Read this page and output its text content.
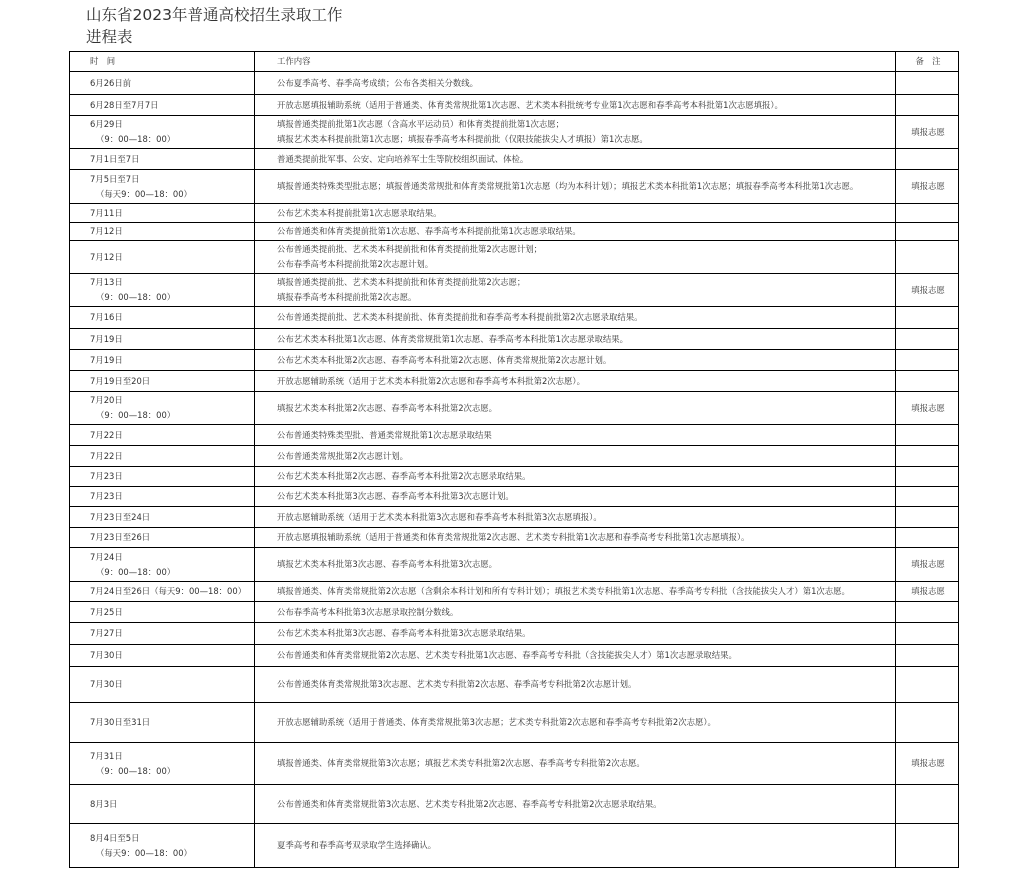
山东省2023年普通高校招生录取工作
进程表
时　间	工作内容	备　注

6月26日前	公布夏季高考、春季高考成绩；公布各类相关分数线。	

6月28日至7月7日	开放志愿填报辅助系统（适用于普通类、体育类常规批第1次志愿、艺术类本科批统考专业第1次志愿和春季高考本科批第1次志愿填报）。	

6月29日
（9：00—18：00）	填报普通类提前批第1次志愿（含高水平运动员）和体育类提前批第1次志愿；
填报艺术类本科提前批第1次志愿；填报春季高考本科提前批（仅限技能拔尖人才填报）第1次志愿。	填报志愿

7月1日至7日	普通类提前批军事、公安、定向培养军士生等院校组织面试、体检。	

7月5日至7日
（每天9：00—18：00）	填报普通类特殊类型批志愿；填报普通类常规批和体育类常规批第1次志愿（均为本科计划）；填报艺术类本科批第1次志愿；填报春季高考本科批第1次志愿。	填报志愿

7月11日	公布艺术类本科提前批第1次志愿录取结果。	

7月12日	公布普通类和体育类提前批第1次志愿、春季高考本科提前批第1次志愿录取结果。	

7月12日	公布普通类提前批、艺术类本科提前批和体育类提前批第2次志愿计划；
公布春季高考本科提前批第2次志愿计划。	

7月13日
（9：00—18：00）	填报普通类提前批、艺术类本科提前批和体育类提前批第2次志愿；
填报春季高考本科提前批第2次志愿。	填报志愿

7月16日	公布普通类提前批、艺术类本科提前批、体育类提前批和春季高考本科提前批第2次志愿录取结果。	

7月19日	公布艺术类本科批第1次志愿、体育类常规批第1次志愿、春季高考本科批第1次志愿录取结果。	

7月19日	公布艺术类本科批第2次志愿、春季高考本科批第2次志愿、体育类常规批第2次志愿计划。	

7月19日至20日	开放志愿辅助系统（适用于艺术类本科批第2次志愿和春季高考本科批第2次志愿）。	

7月20日
（9：00—18：00）	填报艺术类本科批第2次志愿、春季高考本科批第2次志愿。	填报志愿

7月22日	公布普通类特殊类型批、普通类常规批第1次志愿录取结果	

7月22日	公布普通类常规批第2次志愿计划。	

7月23日	公布艺术类本科批第2次志愿、春季高考本科批第2次志愿录取结果。	

7月23日	公布艺术类本科批第3次志愿、春季高考本科批第3次志愿计划。	

7月23日至24日	开放志愿辅助系统（适用于艺术类本科批第3次志愿和春季高考本科批第3次志愿填报）。	

7月23日至26日	开放志愿填报辅助系统（适用于普通类和体育类常规批第2次志愿、艺术类专科批第1次志愿和春季高考专科批第1次志愿填报）。	

7月24日
（9：00—18：00）	填报艺术类本科批第3次志愿、春季高考本科批第3次志愿。	填报志愿

7月24日至26日（每天9：00—18：00）	填报普通类、体育类常规批第2次志愿（含剩余本科计划和所有专科计划）；填报艺术类专科批第1次志愿、春季高考专科批（含技能拔尖人才）第1次志愿。	填报志愿

7月25日	公布春季高考本科批第3次志愿录取控制分数线。	

7月27日	公布艺术类本科批第3次志愿、春季高考本科批第3次志愿录取结果。	

7月30日	公布普通类和体育类常规批第2次志愿、艺术类专科批第1次志愿、春季高考专科批（含技能拔尖人才）第1次志愿录取结果。	

7月30日	公布普通类体育类常规批第3次志愿、艺术类专科批第2次志愿、春季高考专科批第2次志愿计划。	

7月30日至31日	开放志愿辅助系统（适用于普通类、体育类常规批第3次志愿；艺术类专科批第2次志愿和春季高考专科批第2次志愿）。	

7月31日
（9：00—18：00）	填报普通类、体育类常规批第3次志愿；填报艺术类专科批第2次志愿、春季高考专科批第2次志愿。	填报志愿

8月3日	公布普通类和体育类常规批第3次志愿、艺术类专科批第2次志愿、春季高考专科批第2次志愿录取结果。	

8月4日至5日
（每天9：00—18：00）	夏季高考和春季高考双录取学生选择确认。	
